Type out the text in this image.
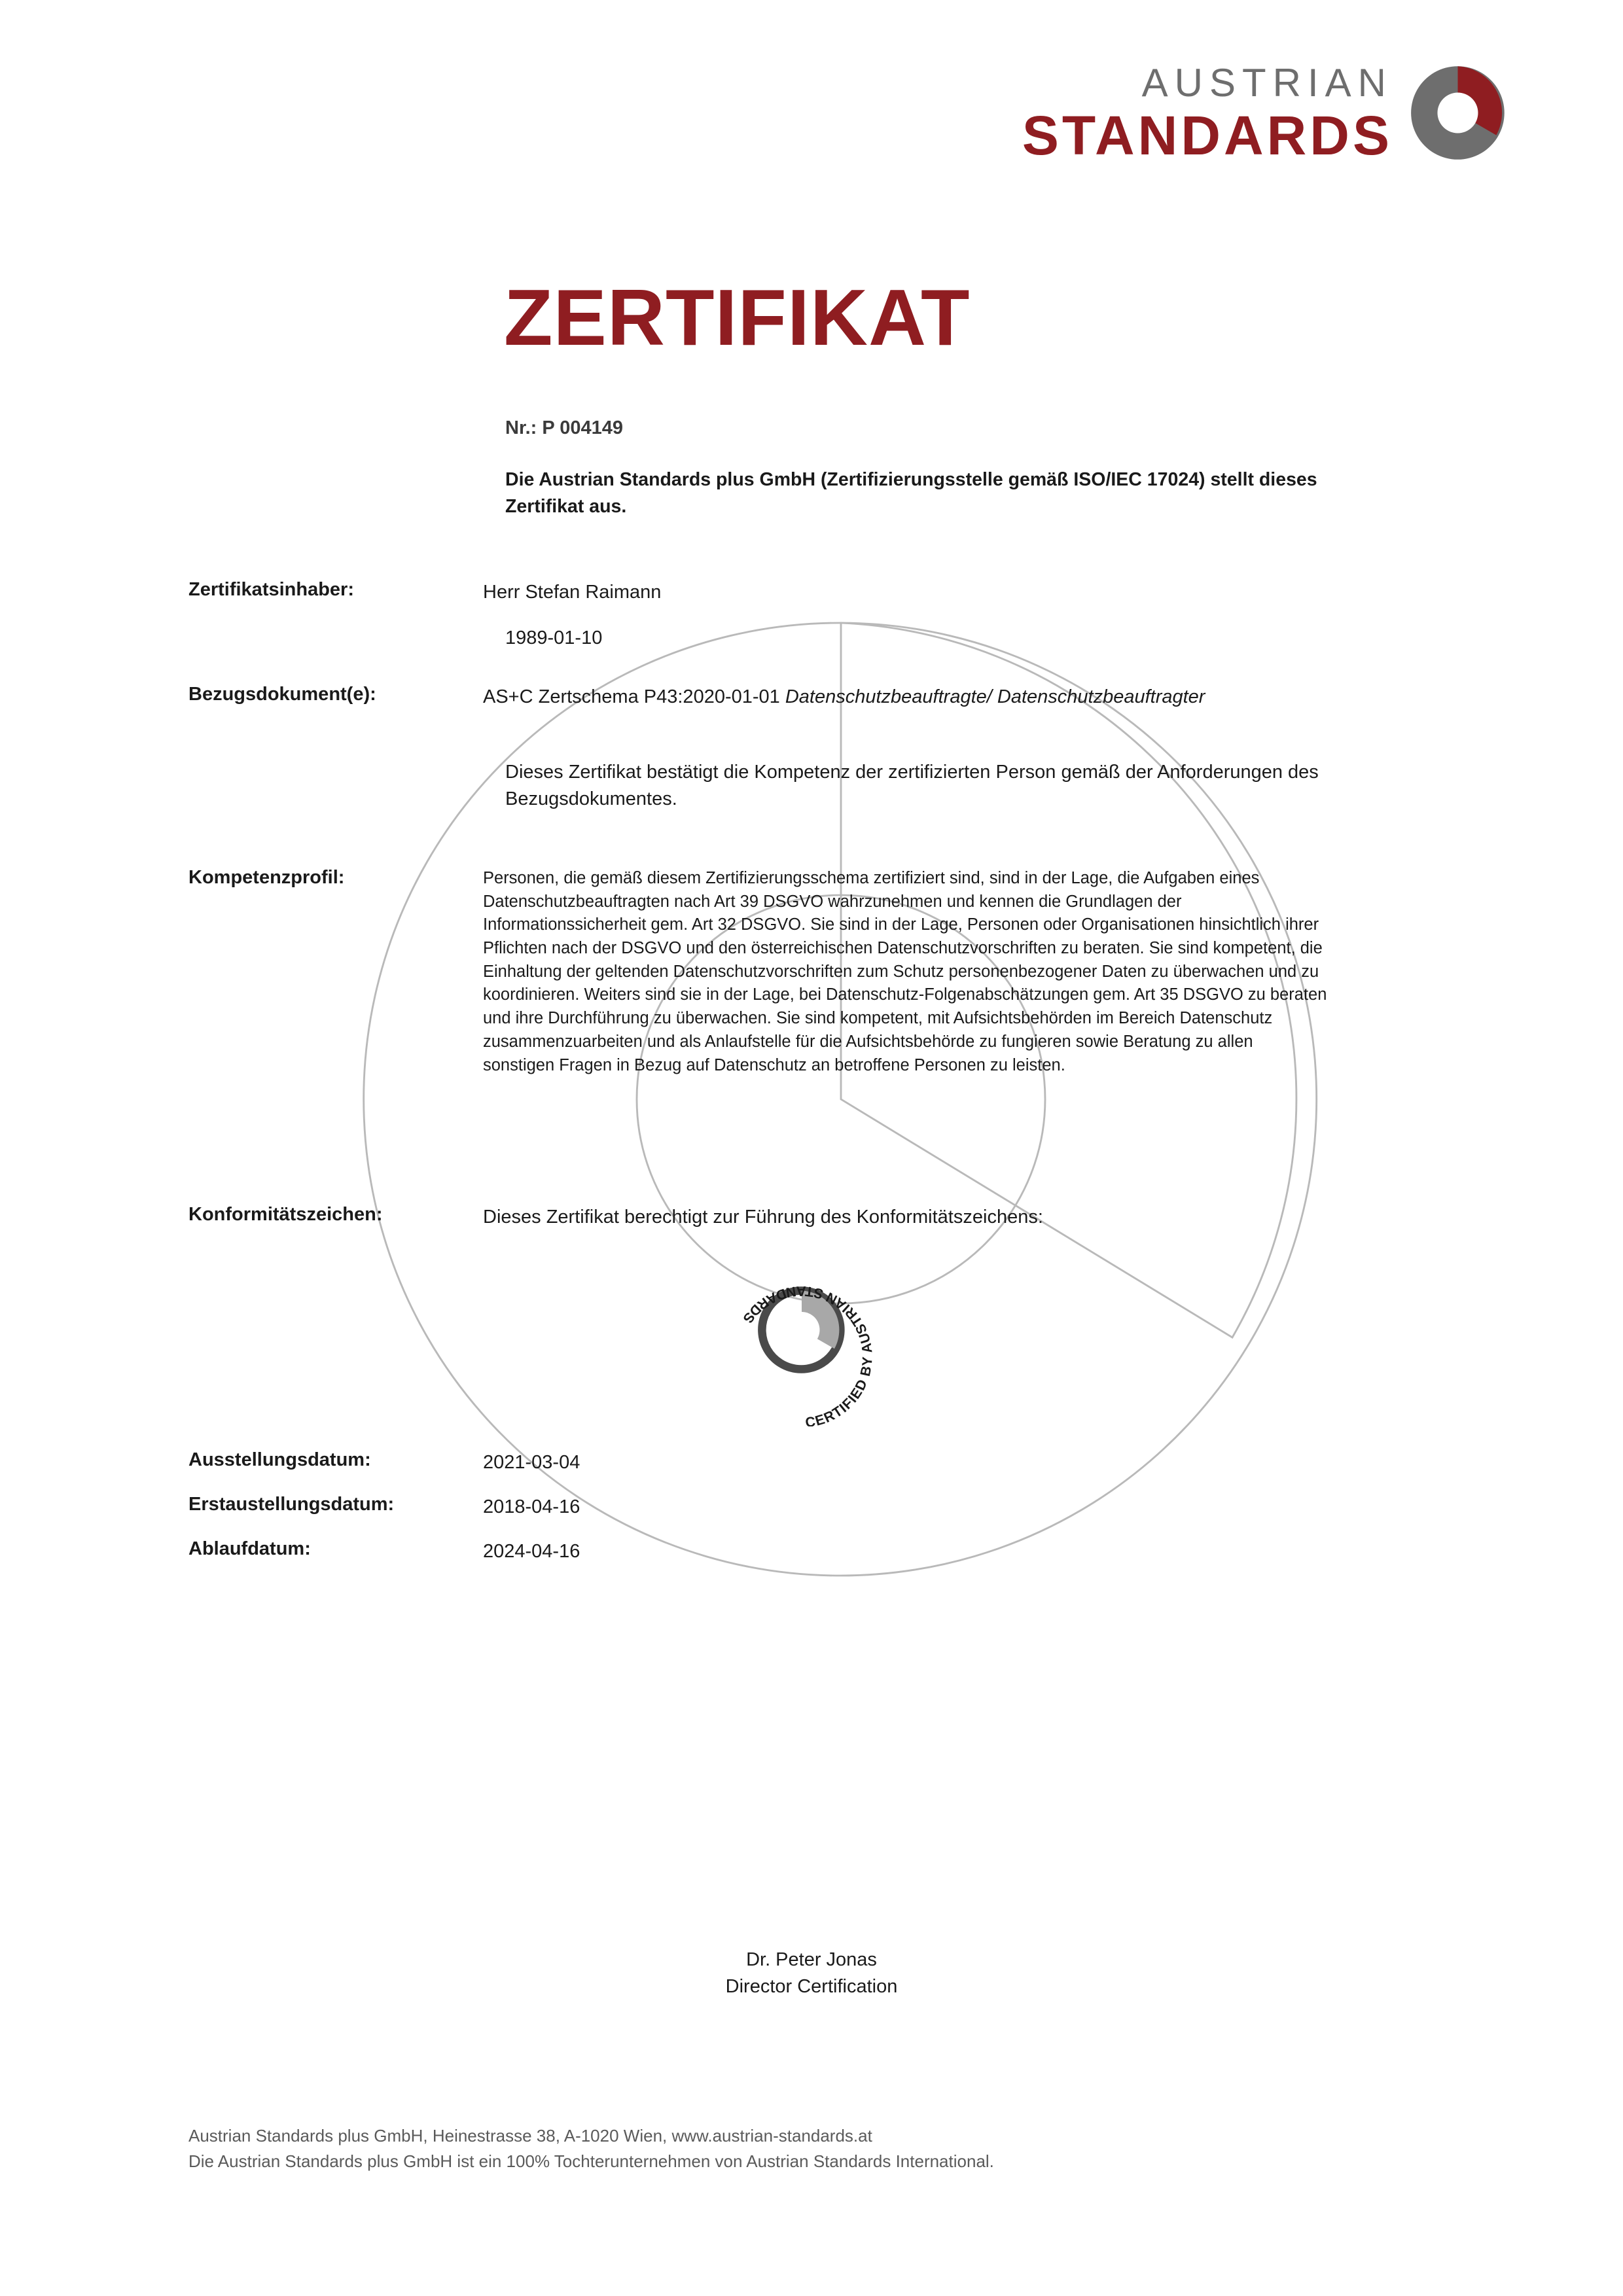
AUSTRIAN
STANDARDS
ZERTIFIKAT
Nr.: P 004149
Die Austrian Standards plus GmbH (Zertifizierungsstelle gemäß ISO/IEC 17024) stellt dieses Zertifikat aus.
Zertifikatsinhaber:	Herr Stefan Raimann
1989-01-10
Bezugsdokument(e):	AS+C Zertschema P43:2020-01-01 Datenschutzbeauftragte/ Datenschutzbeauftragter
Dieses Zertifikat bestätigt die Kompetenz der zertifizierten Person gemäß der Anforderungen des Bezugsdokumentes.
Kompetenzprofil:	Personen, die gemäß diesem Zertifizierungsschema zertifiziert sind, sind in der Lage, die Aufgaben eines Datenschutzbeauftragten nach Art 39 DSGVO wahrzunehmen und kennen die Grundlagen der Informationssicherheit gem. Art 32 DSGVO. Sie sind in der Lage, Personen oder Organisationen hinsichtlich ihrer Pflichten nach der DSGVO und den österreichischen Datenschutzvorschriften zu beraten. Sie sind kompetent, die Einhaltung der geltenden Datenschutzvorschriften zum Schutz personenbezogener Daten zu überwachen und zu koordinieren. Weiters sind sie in der Lage, bei Datenschutz-Folgenabschätzungen gem. Art 35 DSGVO zu beraten und ihre Durchführung zu überwachen. Sie sind kompetent, mit Aufsichtsbehörden im Bereich Datenschutz zusammenzuarbeiten und als Anlaufstelle für die Aufsichtsbehörde zu fungieren sowie Beratung zu allen sonstigen Fragen in Bezug auf Datenschutz an betroffene Personen zu leisten.
Konformitätszeichen:	Dieses Zertifikat berechtigt zur Führung des Konformitätszeichens:
CERTIFIED BY AUSTRIAN STANDARDS
Ausstellungsdatum:	2021-03-04
Erstaustellungsdatum:	2018-04-16
Ablaufdatum:	2024-04-16
Dr. Peter Jonas
Director Certification
Austrian Standards plus GmbH, Heinestrasse 38, A-1020 Wien, www.austrian-standards.at
Die Austrian Standards plus GmbH ist ein 100% Tochterunternehmen von Austrian Standards International.
